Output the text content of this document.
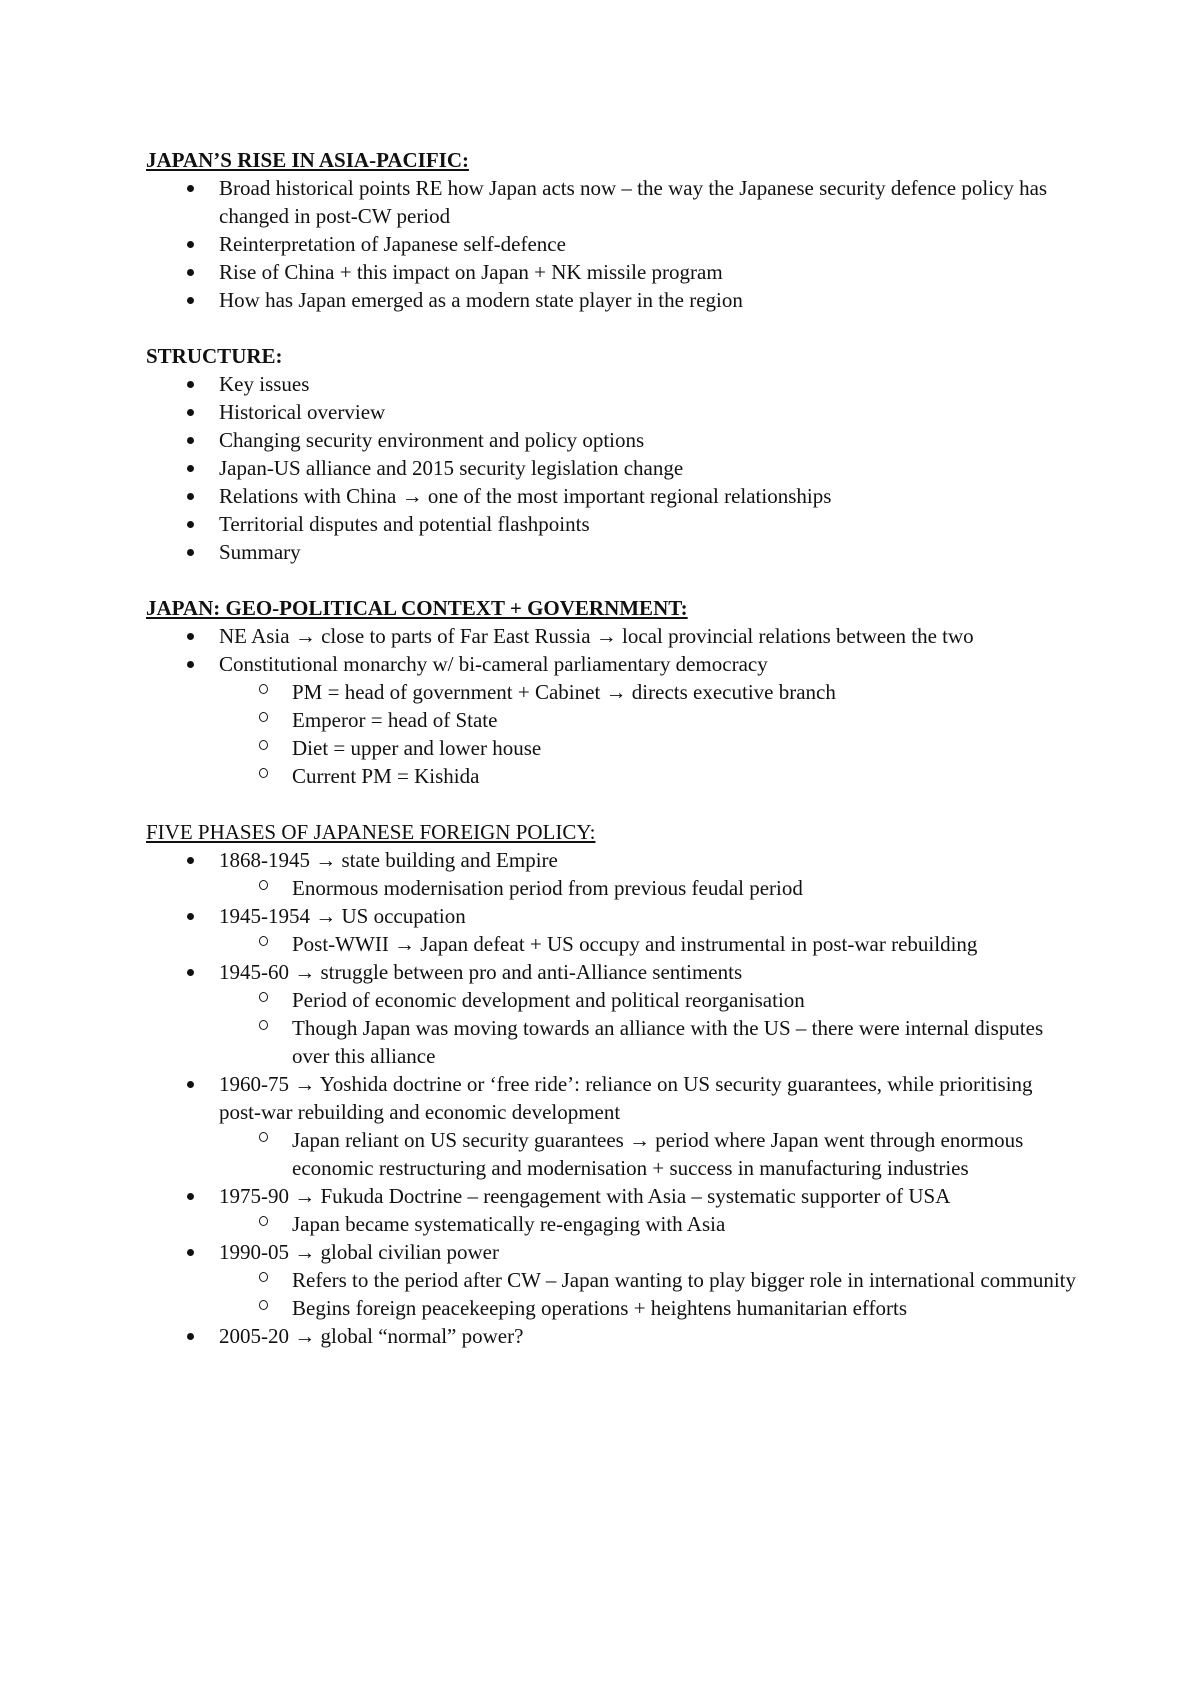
JAPAN’S RISE IN ASIA-PACIFIC:
Broad historical points RE how Japan acts now – the way the Japanese security defence policy has changed in post-CW period
Reinterpretation of Japanese self-defence
Rise of China + this impact on Japan + NK missile program
How has Japan emerged as a modern state player in the region
STRUCTURE:
Key issues
Historical overview
Changing security environment and policy options
Japan-US alliance and 2015 security legislation change
Relations with China → one of the most important regional relationships
Territorial disputes and potential flashpoints
Summary
JAPAN: GEO-POLITICAL CONTEXT + GOVERNMENT:
NE Asia → close to parts of Far East Russia → local provincial relations between the two
Constitutional monarchy w/ bi-cameral parliamentary democracy
PM = head of government + Cabinet → directs executive branch
Emperor = head of State
Diet = upper and lower house
Current PM = Kishida
FIVE PHASES OF JAPANESE FOREIGN POLICY:
1868-1945 → state building and Empire
Enormous modernisation period from previous feudal period
1945-1954 → US occupation
Post-WWII → Japan defeat + US occupy and instrumental in post-war rebuilding
1945-60 → struggle between pro and anti-Alliance sentiments
Period of economic development and political reorganisation
Though Japan was moving towards an alliance with the US – there were internal disputes over this alliance
1960-75 → Yoshida doctrine or ‘free ride’: reliance on US security guarantees, while prioritising post-war rebuilding and economic development
Japan reliant on US security guarantees → period where Japan went through enormous economic restructuring and modernisation + success in manufacturing industries
1975-90 → Fukuda Doctrine – reengagement with Asia – systematic supporter of USA
Japan became systematically re-engaging with Asia
1990-05 → global civilian power
Refers to the period after CW – Japan wanting to play bigger role in international community
Begins foreign peacekeeping operations + heightens humanitarian efforts
2005-20 → global “normal” power?
